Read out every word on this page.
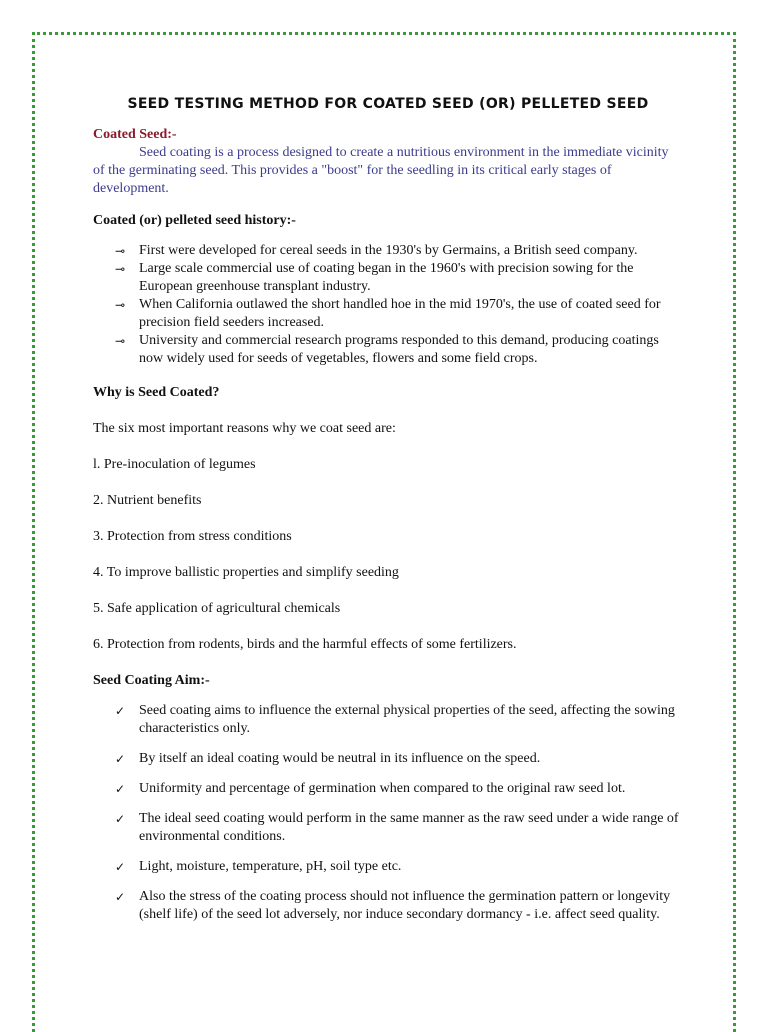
SEED TESTING METHOD FOR COATED SEED (OR) PELLETED SEED
Coated Seed:-

Seed coating is a process designed to create a nutritious environment in the immediate vicinity of the germinating seed. This provides a "boost" for the seedling in its critical early stages of development.

Coated (or) pelleted seed history:-
⊸ First were developed for cereal seeds in the 1930's by Germains, a British seed company.
⊸ Large scale commercial use of coating began in the 1960's with precision sowing for the European greenhouse transplant industry.
⊸ When California outlawed the short handled hoe in the mid 1970's, the use of coated seed for precision field seeders increased.
⊸ University and commercial research programs responded to this demand, producing coatings now widely used for seeds of vegetables, flowers and some field crops.
Why is Seed Coated?

The six most important reasons why we coat seed are:

l. Pre-inoculation of legumes

2. Nutrient benefits

3. Protection from stress conditions

4. To improve ballistic properties and simplify seeding

5. Safe application of agricultural chemicals

6. Protection from rodents, birds and the harmful effects of some fertilizers.

Seed Coating Aim:-
✓ Seed coating aims to influence the external physical properties of the seed, affecting the sowing characteristics only.
✓ By itself an ideal coating would be neutral in its influence on the speed.
✓ Uniformity and percentage of germination when compared to the original raw seed lot.
✓ The ideal seed coating would perform in the same manner as the raw seed under a wide range of environmental conditions.
✓ Light, moisture, temperature, pH, soil type etc.
✓ Also the stress of the coating process should not influence the germination pattern or longevity (shelf life) of the seed lot adversely, nor induce secondary dormancy - i.e. affect seed quality.
